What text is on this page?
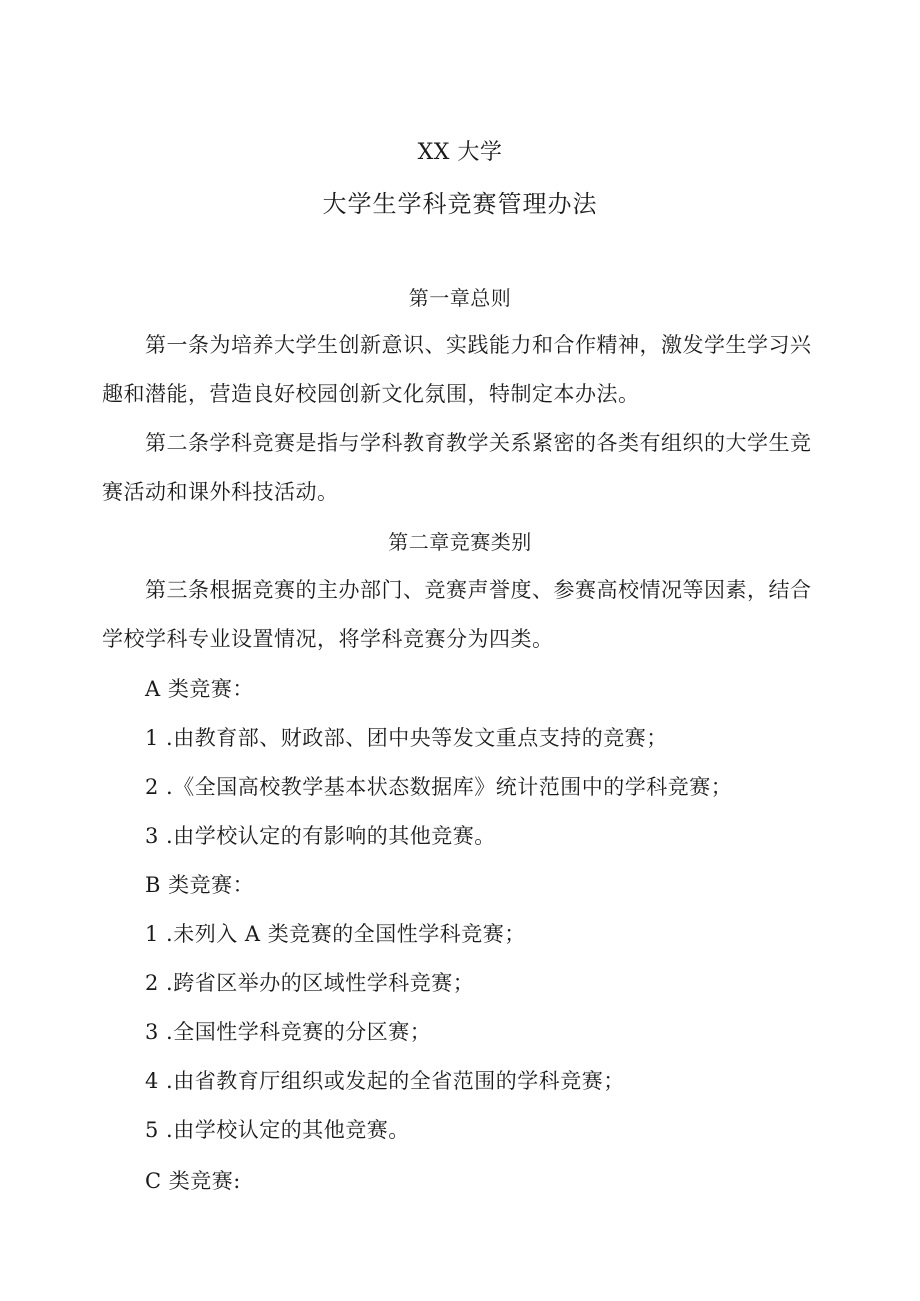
XX 大学
大学生学科竞赛管理办法
第一章总则
第一条为培养大学生创新意识、实践能力和合作精神，激发学生学习兴
趣和潜能，营造良好校园创新文化氛围，特制定本办法。
第二条学科竞赛是指与学科教育教学关系紧密的各类有组织的大学生竞
赛活动和课外科技活动。
第二章竞赛类别
第三条根据竞赛的主办部门、竞赛声誉度、参赛高校情况等因素，结合
学校学科专业设置情况，将学科竞赛分为四类。
A 类竞赛：
1 .由教育部、财政部、团中央等发文重点支持的竞赛；
2 .《全国高校教学基本状态数据库》统计范围中的学科竞赛；
3 .由学校认定的有影响的其他竞赛。
B 类竞赛：
1 .未列入 A 类竞赛的全国性学科竞赛；
2 .跨省区举办的区域性学科竞赛；
3 .全国性学科竞赛的分区赛；
4 .由省教育厅组织或发起的全省范围的学科竞赛；
5 .由学校认定的其他竞赛。
C 类竞赛:
